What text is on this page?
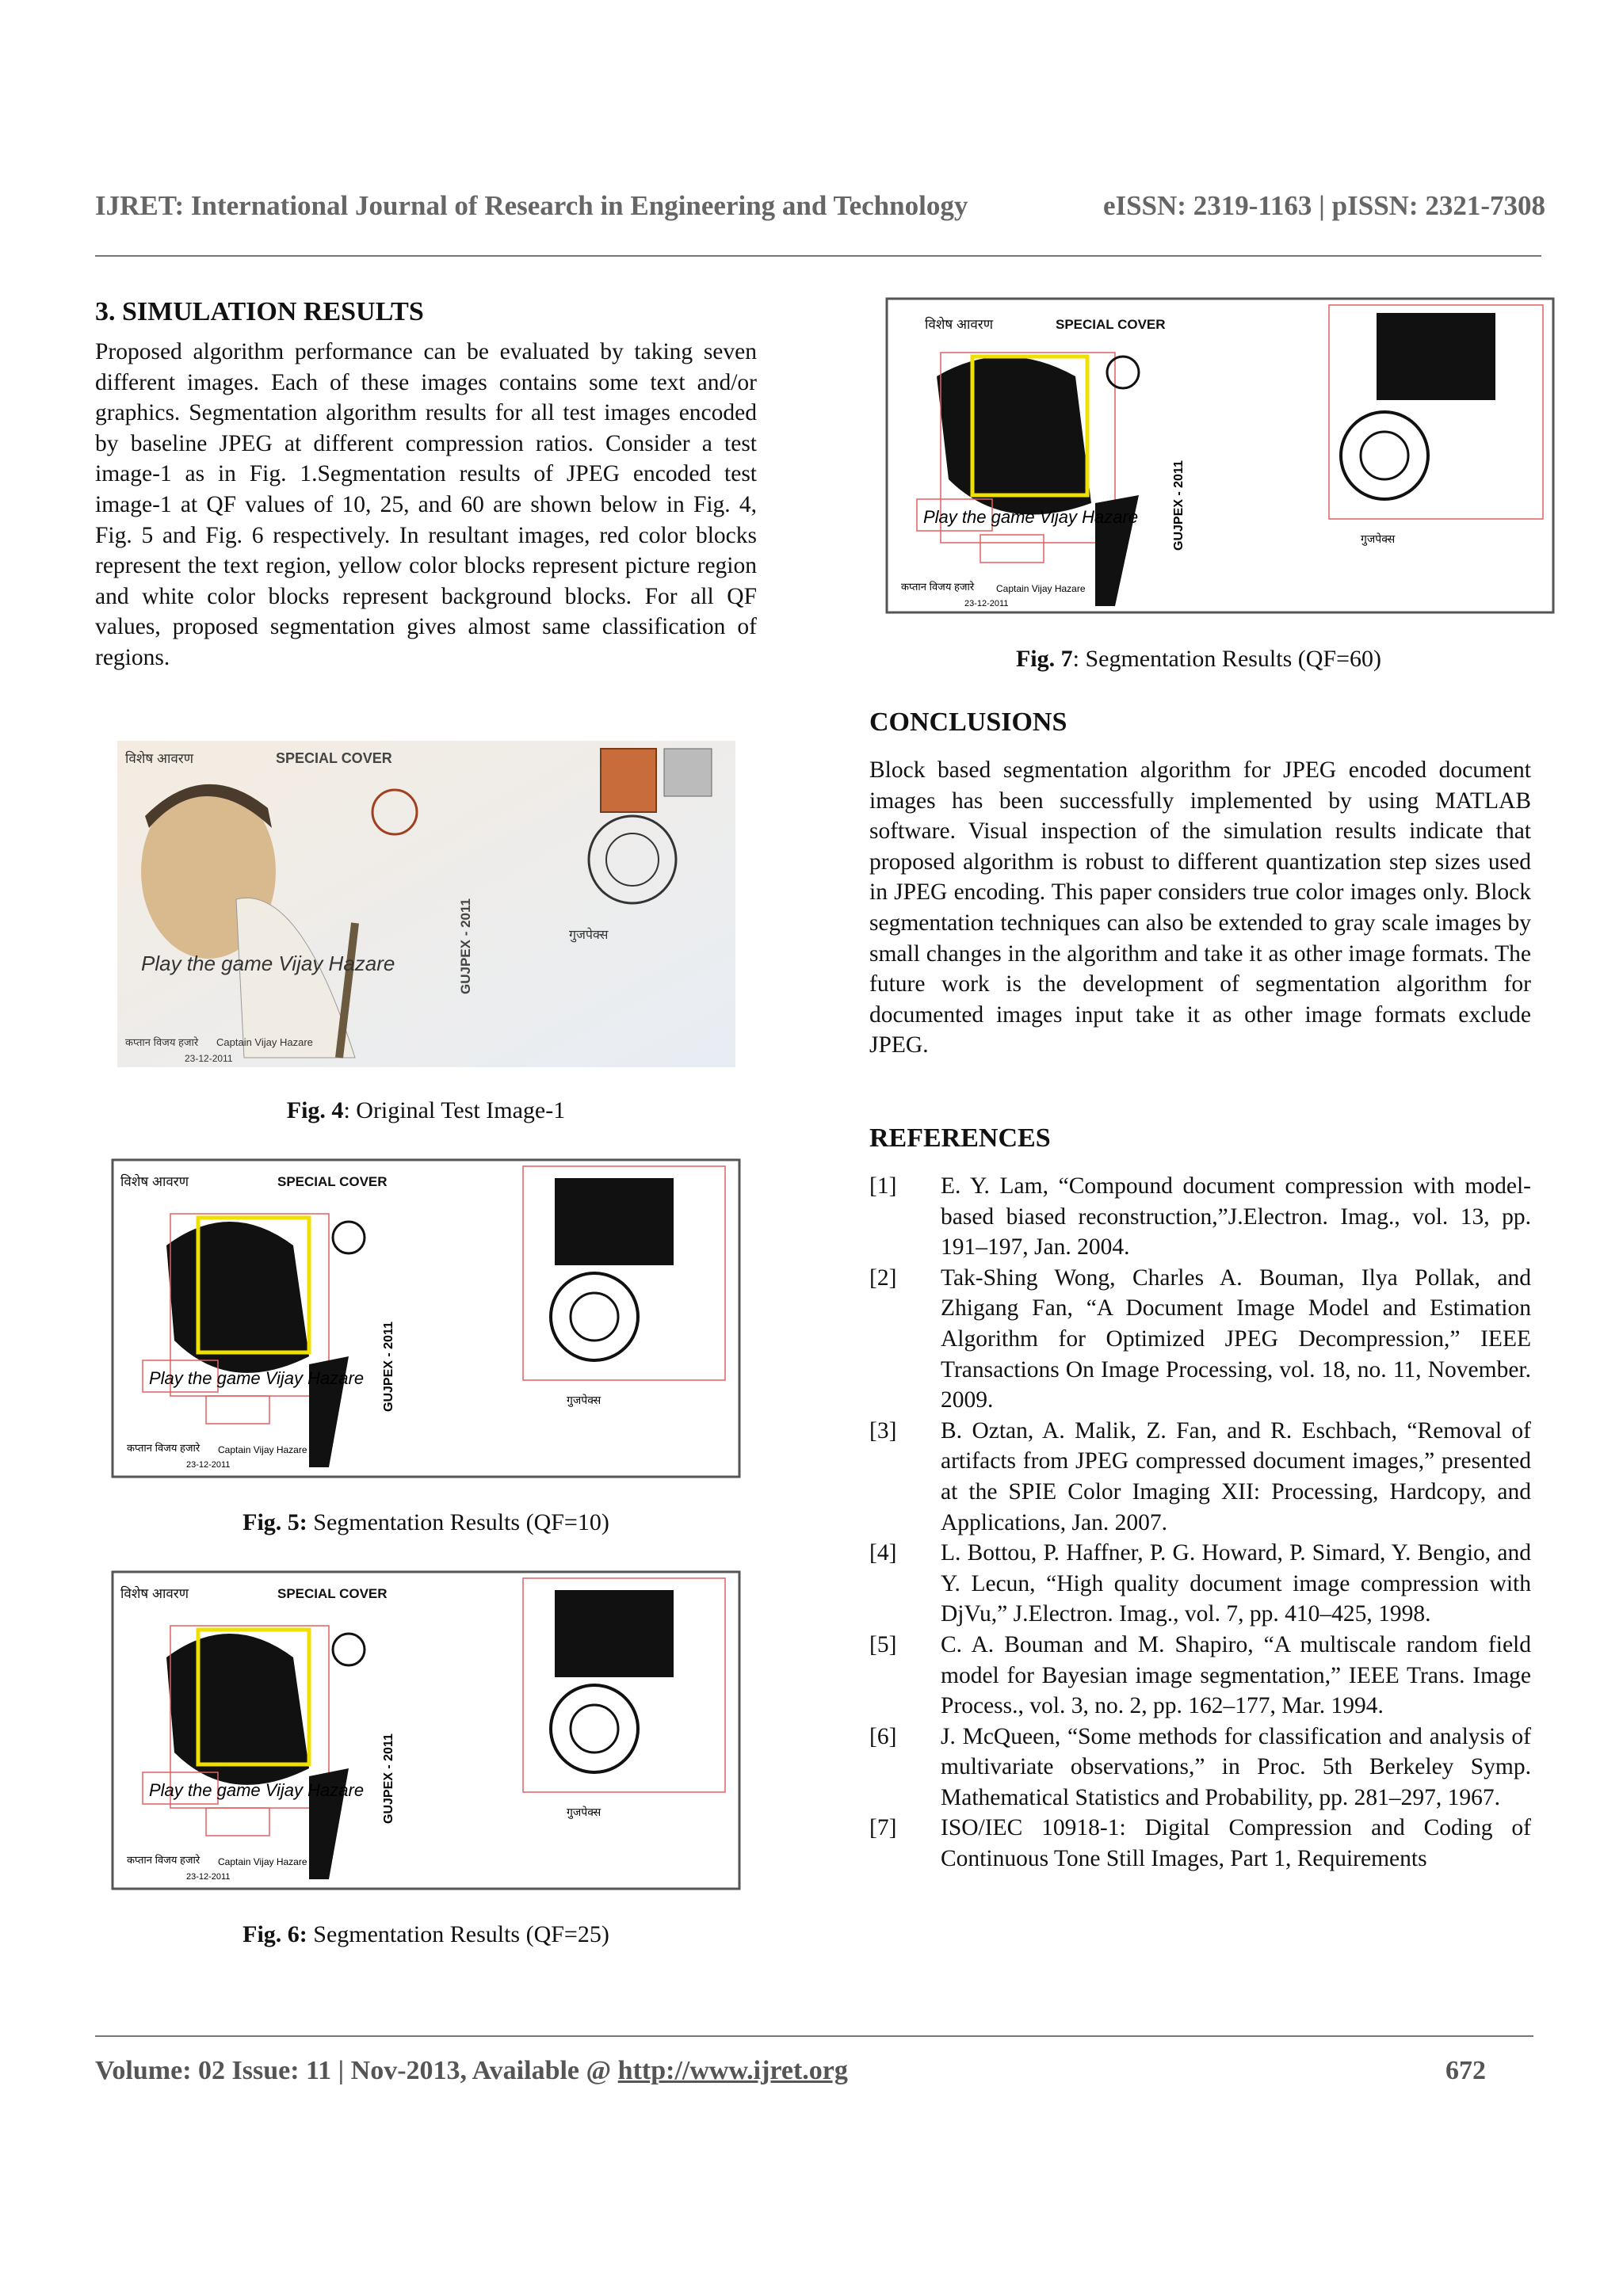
IJRET: International Journal of Research in Engineering and Technology	eISSN: 2319-1163 | pISSN: 2321-7308
3. SIMULATION RESULTS

Proposed algorithm performance can be evaluated by taking seven different images. Each of these images contains some text and/or graphics. Segmentation algorithm results for all test images encoded by baseline JPEG at different compression ratios. Consider a test image-1 as in Fig. 1.Segmentation results of JPEG encoded test image-1 at QF values of 10, 25, and 60 are shown below in Fig. 4, Fig. 5 and Fig. 6 respectively. In resultant images, red color blocks represent the text region, yellow color blocks represent picture region and white color blocks represent background blocks. For all QF values, proposed segmentation gives almost same classification of regions.

विशेष आवरण	SPECIAL COVER
Play the game Vijay Hazare	GUJPEX - 2011	गुजपेक्स
कप्तान विजय हजारे Captain Vijay Hazare
23-12-2011
Fig. 4: Original Test Image-1
विशेष आवरण	SPECIAL COVER
GUJPEX - 2011
Play the game Vijay Hazare
कप्तान विजय हजारे Captain Vijay Hazare
23-12-2011
गुजपेक्स
Fig. 5: Segmentation Results (QF=10)
विशेष आवरण	SPECIAL COVER
GUJPEX - 2011
Play the game Vijay Hazare
कप्तान विजय हजारे Captain Vijay Hazare
23-12-2011
गुजपेक्स
Fig. 6: Segmentation Results (QF=25)
विशेष आवरण	SPECIAL COVER
GUJPEX - 2011
Play the game Vijay Hazare
कप्तान विजय हजारे Captain Vijay Hazare
23-12-2011
गुजपेक्स
Fig. 7: Segmentation Results (QF=60)
CONCLUSIONS

Block based segmentation algorithm for JPEG encoded document images has been successfully implemented by using MATLAB software. Visual inspection of the simulation results indicate that proposed algorithm is robust to different quantization step sizes used in JPEG encoding. This paper considers true color images only. Block segmentation techniques can also be extended to gray scale images by small changes in the algorithm and take it as other image formats. The future work is the development of segmentation algorithm for documented images input take it as other image formats exclude JPEG.

REFERENCES
[1]	E. Y. Lam, “Compound document compression with model-based biased reconstruction,”J.Electron. Imag., vol. 13, pp. 191–197, Jan. 2004.
[2]	Tak-Shing Wong, Charles A. Bouman, Ilya Pollak, and Zhigang Fan, “A Document Image Model and Estimation Algorithm for Optimized JPEG Decompression,” IEEE Transactions On Image Processing, vol. 18, no. 11, November. 2009.
[3]	B. Oztan, A. Malik, Z. Fan, and R. Eschbach, “Removal of artifacts from JPEG compressed document images,” presented at the SPIE Color Imaging XII: Processing, Hardcopy, and Applications, Jan. 2007.
[4]	L. Bottou, P. Haffner, P. G. Howard, P. Simard, Y. Bengio, and Y. Lecun, “High quality document image compression with DjVu,” J.Electron. Imag., vol. 7, pp. 410–425, 1998.
[5]	C. A. Bouman and M. Shapiro, “A multiscale random field model for Bayesian image segmentation,” IEEE Trans. Image Process., vol. 3, no. 2, pp. 162–177, Mar. 1994.
[6]	J. McQueen, “Some methods for classification and analysis of multivariate observations,” in Proc. 5th Berkeley Symp. Mathematical Statistics and Probability, pp. 281–297, 1967.
[7]	ISO/IEC 10918-1: Digital Compression and Coding of Continuous Tone Still Images, Part 1, Requirements
Volume: 02 Issue: 11 | Nov-2013, Available @ http://www.ijret.org	672
